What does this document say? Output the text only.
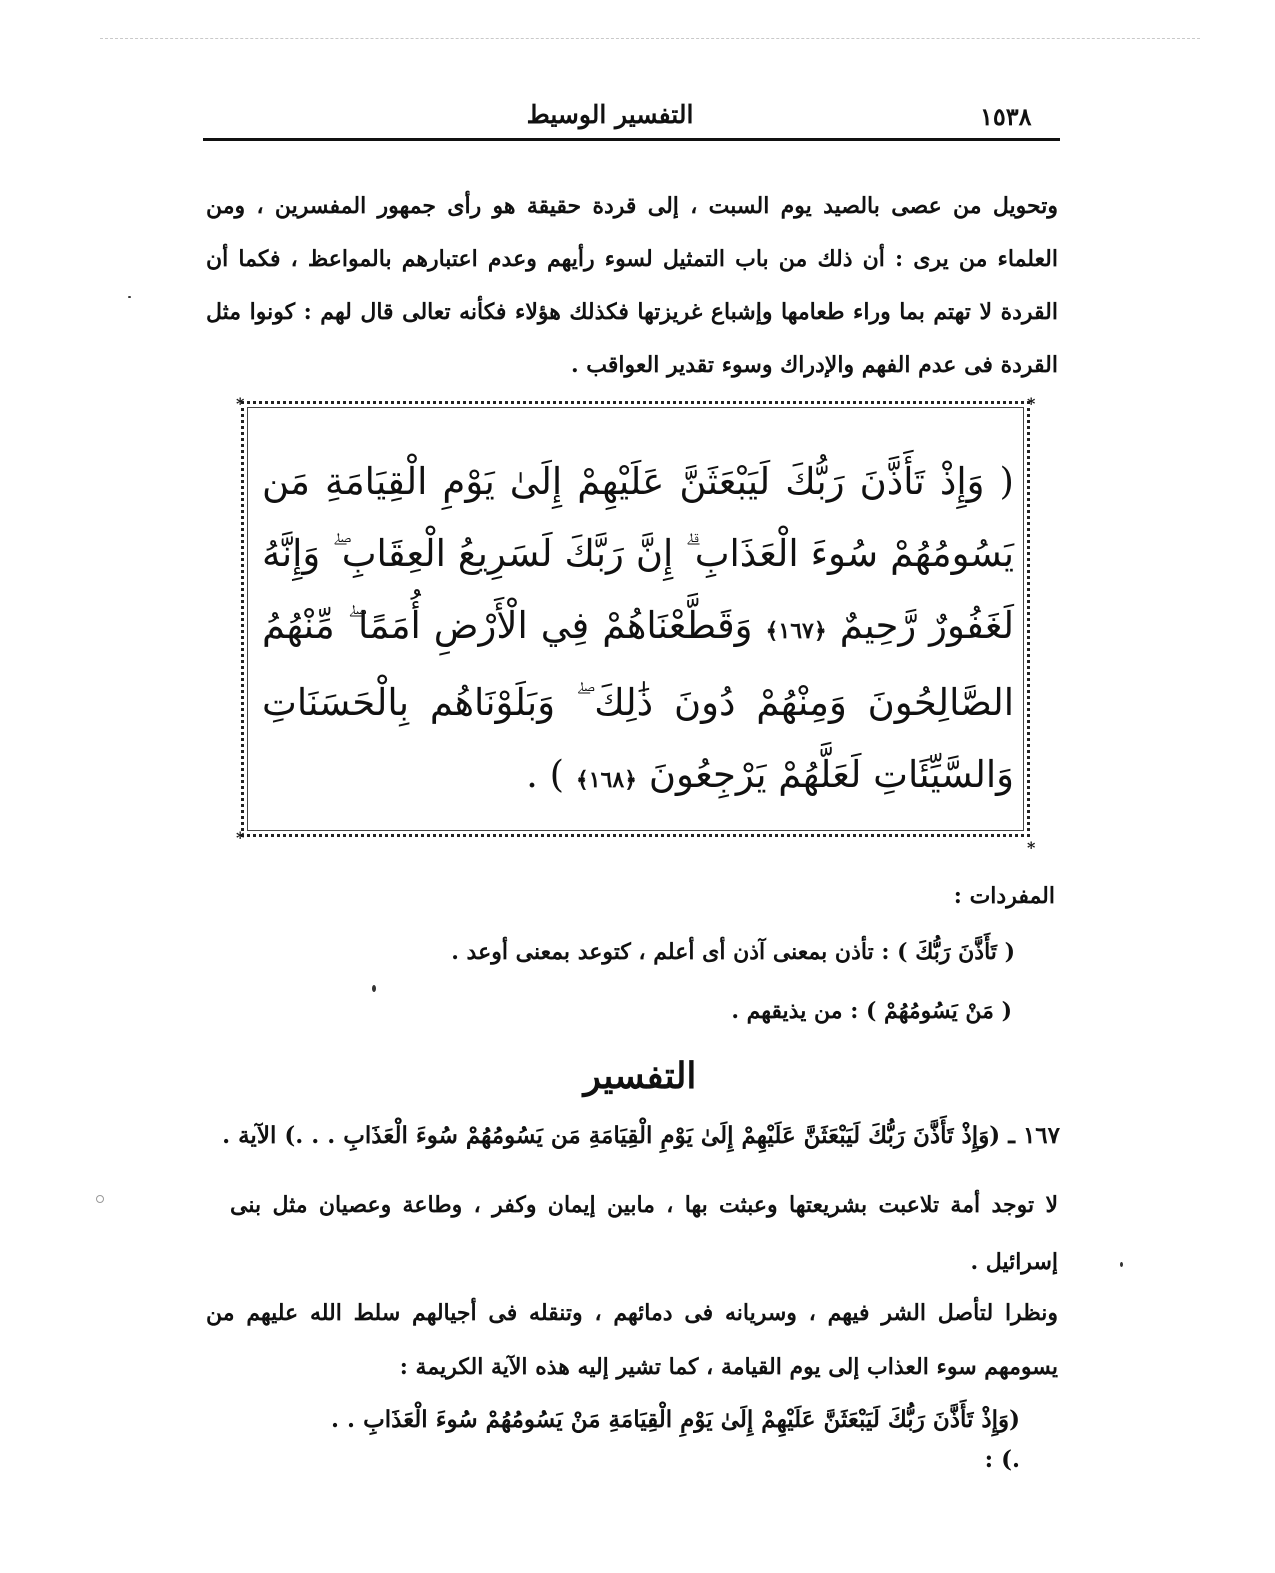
١٥٣٨
التفسير الوسيط
وتحويل من عصى بالصيد يوم السبت ، إلى قردة حقيقة هو رأى جمهور المفسرين ، ومن العلماء من يرى : أن ذلك من باب التمثيل لسوء رأيهم وعدم اعتبارهم بالمواعظ ، فكما أن القردة لا تهتم بما وراء طعامها وإشباع غريزتها فكذلك هؤلاء فكأنه تعالى قال لهم : كونوا مثل القردة فى عدم الفهم والإدراك وسوء تقدير العواقب .
*	*
*
*
( وَإِذْ تَأَذَّنَ رَبُّكَ لَيَبْعَثَنَّ عَلَيْهِمْ إِلَىٰ يَوْمِ الْقِيَامَةِ مَن يَسُومُهُمْ سُوءَ الْعَذَابِ ۗ إِنَّ رَبَّكَ لَسَرِيعُ الْعِقَابِ ۖ وَإِنَّهُ لَغَفُورٌ رَّحِيمٌ ﴿١٦٧﴾ وَقَطَّعْنَاهُمْ فِي الْأَرْضِ أُمَمًا ۖ مِّنْهُمُ الصَّالِحُونَ وَمِنْهُمْ دُونَ ذَٰلِكَ ۖ وَبَلَوْنَاهُم بِالْحَسَنَاتِ وَالسَّيِّئَاتِ لَعَلَّهُمْ يَرْجِعُونَ ﴿١٦٨﴾ ) .
المفردات :
( تَأَذَّنَ رَبُّكَ ) : تأذن بمعنى آذن أى أعلم ، كتوعد بمعنى أوعد .
( مَنْ يَسُومُهُمْ ) : من يذيقهم .
التفسير
١٦٧ ـ (وَإِذْ تَأَذَّنَ رَبُّكَ لَيَبْعَثَنَّ عَلَيْهِمْ إِلَىٰ يَوْمِ الْقِيَامَةِ مَن يَسُومُهُمْ سُوءَ الْعَذَابِ . . .) الآية .
لا توجد أمة تلاعبت بشريعتها وعبثت بها ، مابين إيمان وكفر ، وطاعة وعصيان مثل بنى إسرائيل .
ونظرا لتأصل الشر فيهم ، وسريانه فى دمائهم ، وتنقله فى أجيالهم سلط الله عليهم من يسومهم سوء العذاب إلى يوم القيامة ، كما تشير إليه هذه الآية الكريمة :
(وَإِذْ تَأَذَّنَ رَبُّكَ لَيَبْعَثَنَّ عَلَيْهِمْ إِلَىٰ يَوْمِ الْقِيَامَةِ مَنْ يَسُومُهُمْ سُوءَ الْعَذَابِ . . .) :
